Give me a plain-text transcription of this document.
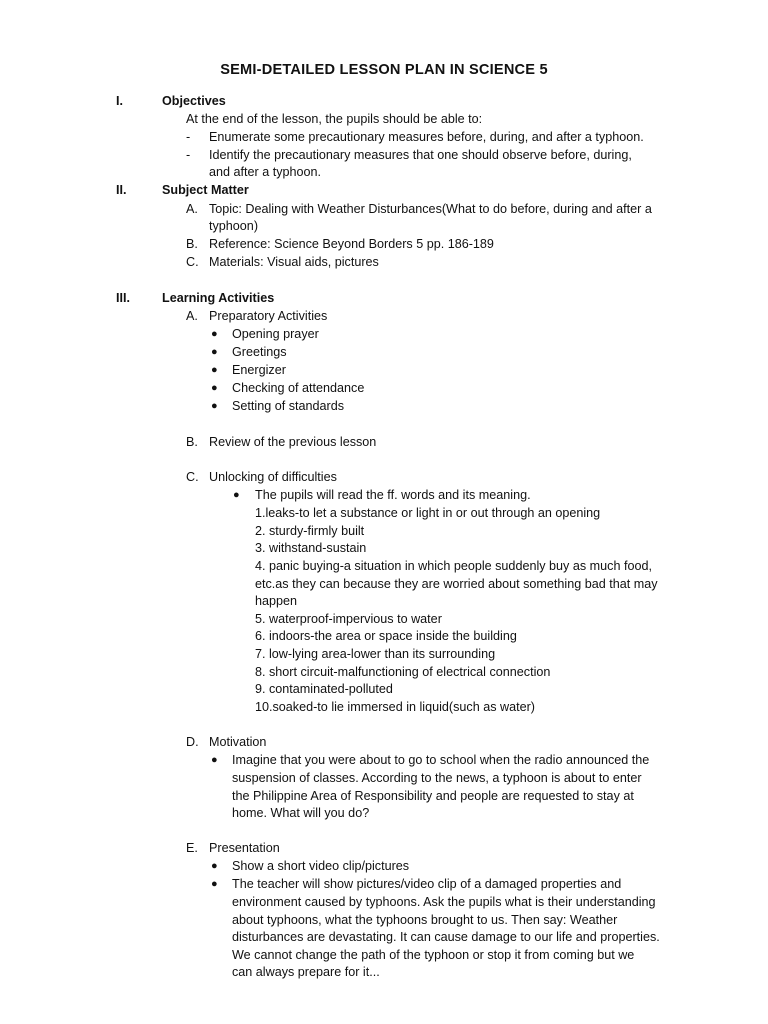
SEMI-DETAILED LESSON PLAN IN SCIENCE 5
I.	Objectives
At the end of the lesson, the pupils should be able to:
- Enumerate some precautionary measures before, during, and after a typhoon.
- Identify the precautionary measures that one should observe before, during,
and after a typhoon.
II.	Subject Matter
A. Topic: Dealing with Weather Disturbances(What to do before, during and after a
typhoon)
B. Reference: Science Beyond Borders 5 pp. 186-189
C. Materials: Visual aids, pictures
III.	Learning Activities
A. Preparatory Activities
● Opening prayer
● Greetings
● Energizer
● Checking of attendance
● Setting of standards
B. Review of the previous lesson
C. Unlocking of difficulties
● The pupils will read the ff. words and its meaning.
1.leaks-to let a substance or light in or out through an opening
2. sturdy-firmly built
3. withstand-sustain
4. panic buying-a situation in which people suddenly buy as much food,
etc.as they can because they are worried about something bad that may
happen
5. waterproof-impervious to water
6. indoors-the area or space inside the building
7. low-lying area-lower than its surrounding
8. short circuit-malfunctioning of electrical connection
9. contaminated-polluted
10.soaked-to lie immersed in liquid(such as water)
D. Motivation
● Imagine that you were about to go to school when the radio announced the
suspension of classes. According to the news, a typhoon is about to enter
the Philippine Area of Responsibility and people are requested to stay at
home. What will you do?
E. Presentation
● Show a short video clip/pictures
● The teacher will show pictures/video clip of a damaged properties and
environment caused by typhoons. Ask the pupils what is their understanding
about typhoons, what the typhoons brought to us. Then say: Weather
disturbances are devastating. It can cause damage to our life and properties.
We cannot change the path of the typhoon or stop it from coming but we
can always prepare for it...
